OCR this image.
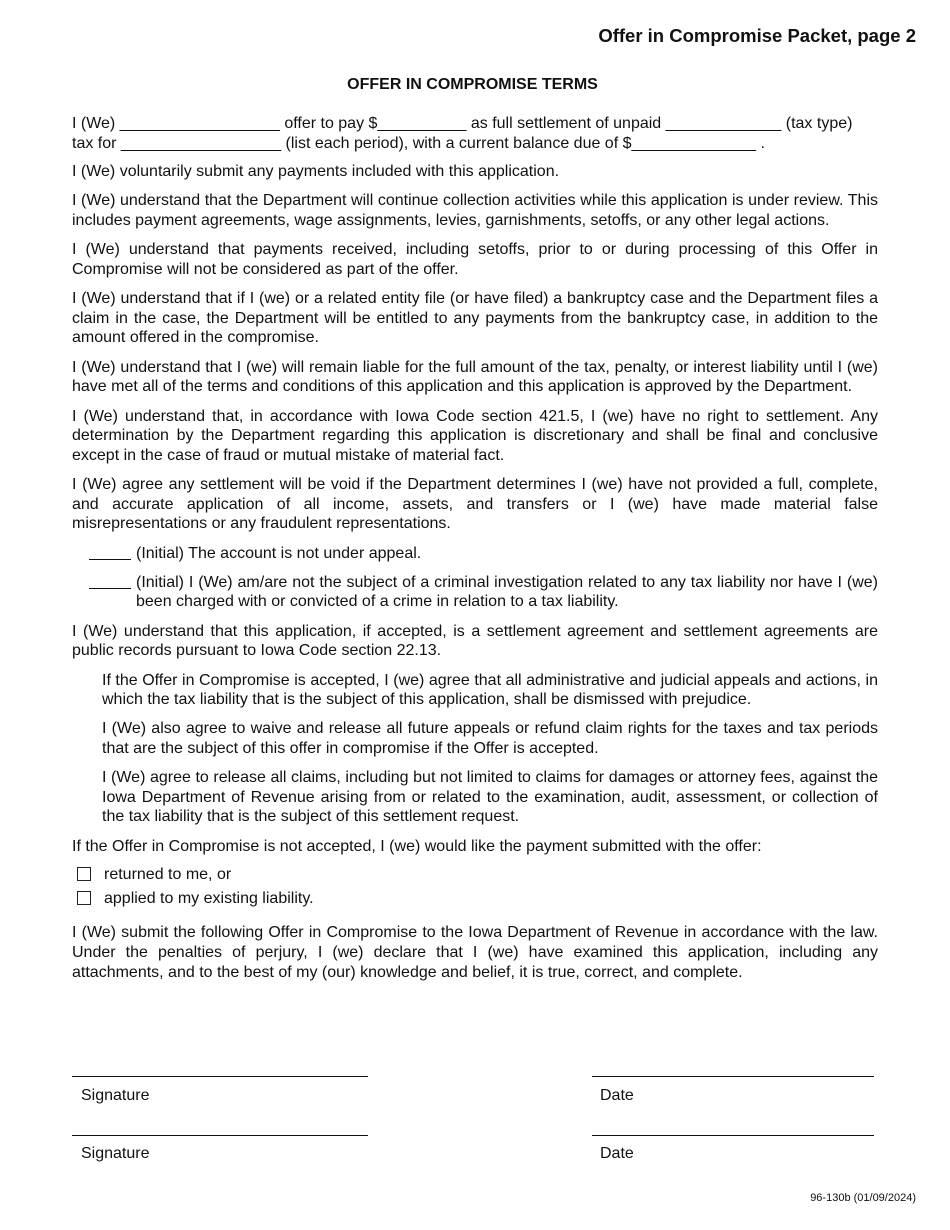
Offer in Compromise Packet, page 2
OFFER IN COMPROMISE TERMS
I (We) __________________ offer to pay $__________ as full settlement of unpaid _____________ (tax type)
tax for __________________ (list each period), with a current balance due of $______________ .

I (We) voluntarily submit any payments included with this application.

I (We) understand that the Department will continue collection activities while this application is under review. This includes payment agreements, wage assignments, levies, garnishments, setoffs, or any other legal actions.

I (We) understand that payments received, including setoffs, prior to or during processing of this Offer in Compromise will not be considered as part of the offer.

I (We) understand that if I (we) or a related entity file (or have filed) a bankruptcy case and the Department files a claim in the case, the Department will be entitled to any payments from the bankruptcy case, in addition to the amount offered in the compromise.

I (We) understand that I (we) will remain liable for the full amount of the tax, penalty, or interest liability until I (we) have met all of the terms and conditions of this application and this application is approved by the Department.

I (We) understand that, in accordance with Iowa Code section 421.5, I (we) have no right to settlement. Any determination by the Department regarding this application is discretionary and shall be final and conclusive except in the case of fraud or mutual mistake of material fact.

I (We) agree any settlement will be void if the Department determines I (we) have not provided a full, complete, and accurate application of all income, assets, and transfers or I (we) have made material false misrepresentations or any fraudulent representations.

(Initial) The account is not under appeal.
(Initial) I (We) am/are not the subject of a criminal investigation related to any tax liability nor have I (we) been charged with or convicted of a crime in relation to a tax liability.

I (We) understand that this application, if accepted, is a settlement agreement and settlement agreements are public records pursuant to Iowa Code section 22.13.

If the Offer in Compromise is accepted, I (we) agree that all administrative and judicial appeals and actions, in which the tax liability that is the subject of this application, shall be dismissed with prejudice.

I (We) also agree to waive and release all future appeals or refund claim rights for the taxes and tax periods that are the subject of this offer in compromise if the Offer is accepted.

I (We) agree to release all claims, including but not limited to claims for damages or attorney fees, against the Iowa Department of Revenue arising from or related to the examination, audit, assessment, or collection of the tax liability that is the subject of this settlement request.

If the Offer in Compromise is not accepted, I (we) would like the payment submitted with the offer:

returned to me, or
applied to my existing liability.

I (We) submit the following Offer in Compromise to the Iowa Department of Revenue in accordance with the law. Under the penalties of perjury, I (we) declare that I (we) have examined this application, including any attachments, and to the best of my (our) knowledge and belief, it is true, correct, and complete.

Signature	Date
Signature	Date
96-130b (01/09/2024)
